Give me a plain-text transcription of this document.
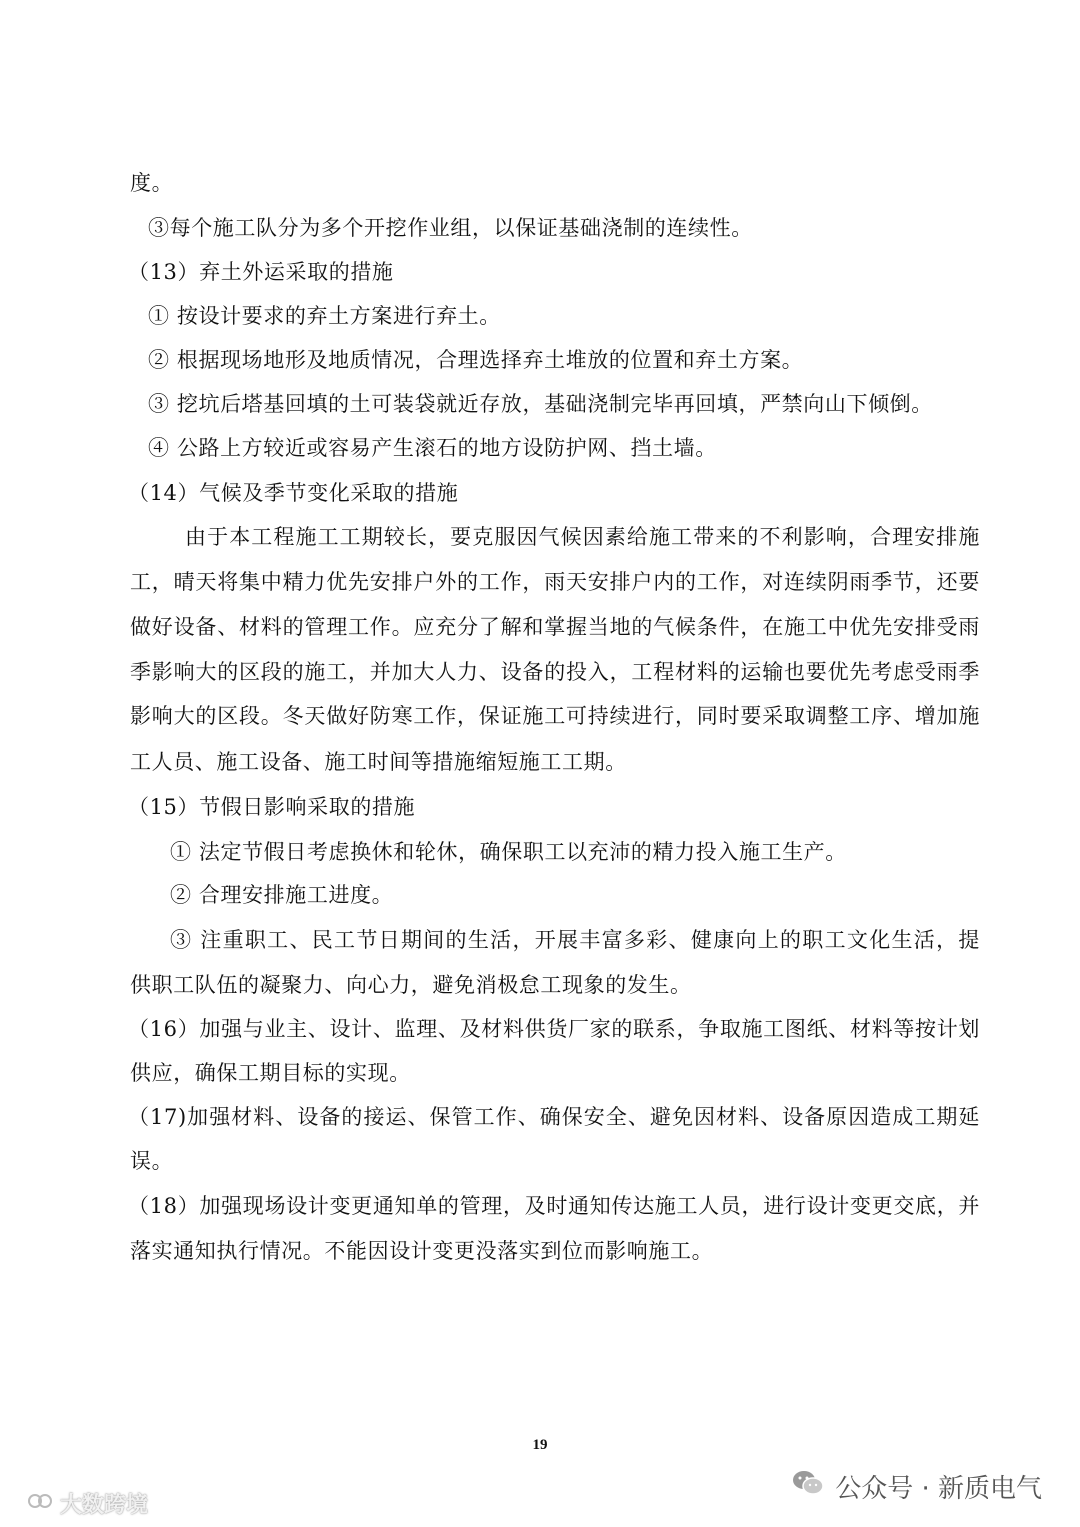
度。
③每个施工队分为多个开挖作业组，以保证基础浇制的连续性。
（13）弃土外运采取的措施
① 按设计要求的弃土方案进行弃土。
② 根据现场地形及地质情况，合理选择弃土堆放的位置和弃土方案。
③ 挖坑后塔基回填的土可装袋就近存放，基础浇制完毕再回填，严禁向山下倾倒。
④ 公路上方较近或容易产生滚石的地方设防护网、挡土墙。
（14）气候及季节变化采取的措施
由于本工程施工工期较长，要克服因气候因素给施工带来的不利影响，合理安排施
工，晴天将集中精力优先安排户外的工作，雨天安排户内的工作，对连续阴雨季节，还要
做好设备、材料的管理工作。应充分了解和掌握当地的气候条件，在施工中优先安排受雨
季影响大的区段的施工，并加大人力、设备的投入，工程材料的运输也要优先考虑受雨季
影响大的区段。冬天做好防寒工作，保证施工可持续进行，同时要采取调整工序、增加施
工人员、施工设备、施工时间等措施缩短施工工期。
（15）节假日影响采取的措施
① 法定节假日考虑换休和轮休，确保职工以充沛的精力投入施工生产。
② 合理安排施工进度。
③ 注重职工、民工节日期间的生活，开展丰富多彩、健康向上的职工文化生活，提
供职工队伍的凝聚力、向心力，避免消极怠工现象的发生。
（16）加强与业主、设计、监理、及材料供货厂家的联系，争取施工图纸、材料等按计划
供应，确保工期目标的实现。
（17)加强材料、设备的接运、保管工作、确保安全、避免因材料、设备原因造成工期延
误。
（18）加强现场设计变更通知单的管理，及时通知传达施工人员，进行设计变更交底，并
落实通知执行情况。不能因设计变更没落实到位而影响施工。
19
大数跨境
公众号 · 新质电气
